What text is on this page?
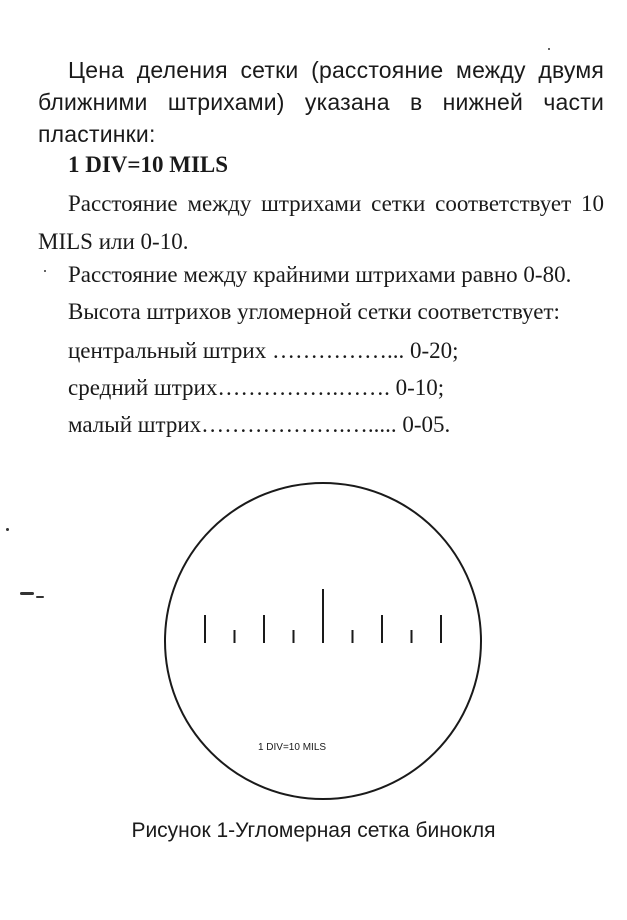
Цена деления сетки (расстояние между двумя ближними штрихами) указана в нижней части пластинки:

1 DIV=10 MILS

Расстояние между штрихами сетки соответствует 10 MILS или 0-10.

Расстояние между крайними штрихами равно 0-80.

Высота штрихов угломерной сетки соответствует:

центральный штрих ……………... 0-20;

средний штрих…………….……. 0-10;

малый штрих……………….…..... 0-05.

1 DIV=10 MILS

Рисунок 1-Угломерная сетка бинокля
